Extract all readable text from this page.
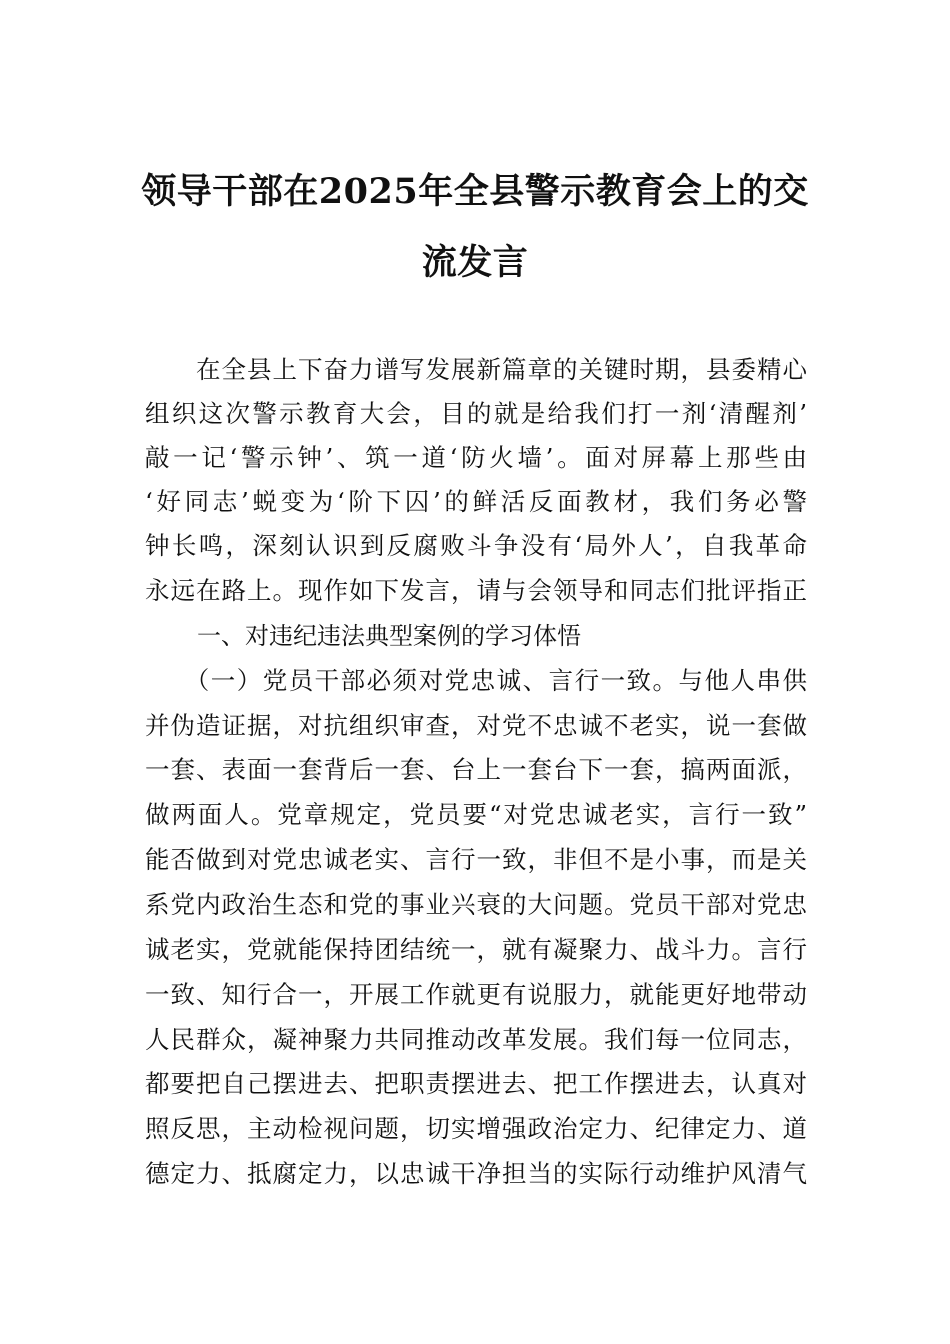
领导干部在2025年全县警示教育会上的交
流发言
　　在全县上下奋力谱写发展新篇章的关键时期，县委精心
组织这次警示教育大会，目的就是给我们打一剂‘清醒剂’
敲一记‘警示钟’、筑一道‘防火墙’。面对屏幕上那些由
‘好同志’蜕变为‘阶下囚’的鲜活反面教材，我们务必警
钟长鸣，深刻认识到反腐败斗争没有‘局外人’，自我革命
永远在路上。现作如下发言，请与会领导和同志们批评指正
一、对违纪违法典型案例的学习体悟
　　（一）党员干部必须对党忠诚、言行一致。与他人串供
并伪造证据，对抗组织审查，对党不忠诚不老实，说一套做
一套、表面一套背后一套、台上一套台下一套，搞两面派，
做两面人。党章规定，党员要“对党忠诚老实，言行一致”
能否做到对党忠诚老实、言行一致，非但不是小事，而是关
系党内政治生态和党的事业兴衰的大问题。党员干部对党忠
诚老实，党就能保持团结统一，就有凝聚力、战斗力。言行
一致、知行合一，开展工作就更有说服力，就能更好地带动
人民群众，凝神聚力共同推动改革发展。我们每一位同志，
都要把自己摆进去、把职责摆进去、把工作摆进去，认真对
照反思，主动检视问题，切实增强政治定力、纪律定力、道
德定力、抵腐定力，以忠诚干净担当的实际行动维护风清气
